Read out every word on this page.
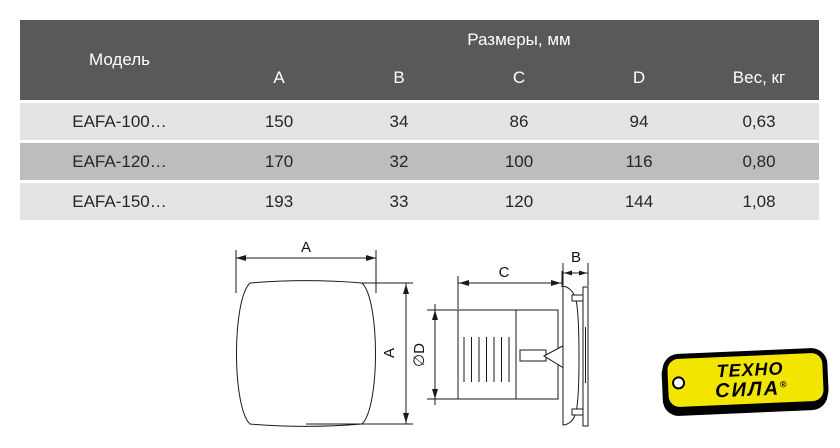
Модель
Размеры, мм
A	B	C	D	Вес, кг
EAFA-100…	150	34	86	94	0,63
EAFA-120…	170	32	100	116	0,80
EAFA-150…	193	33	120	144	1,08
A
A
C
B
∅D
ТЕХНО
СИЛА®
